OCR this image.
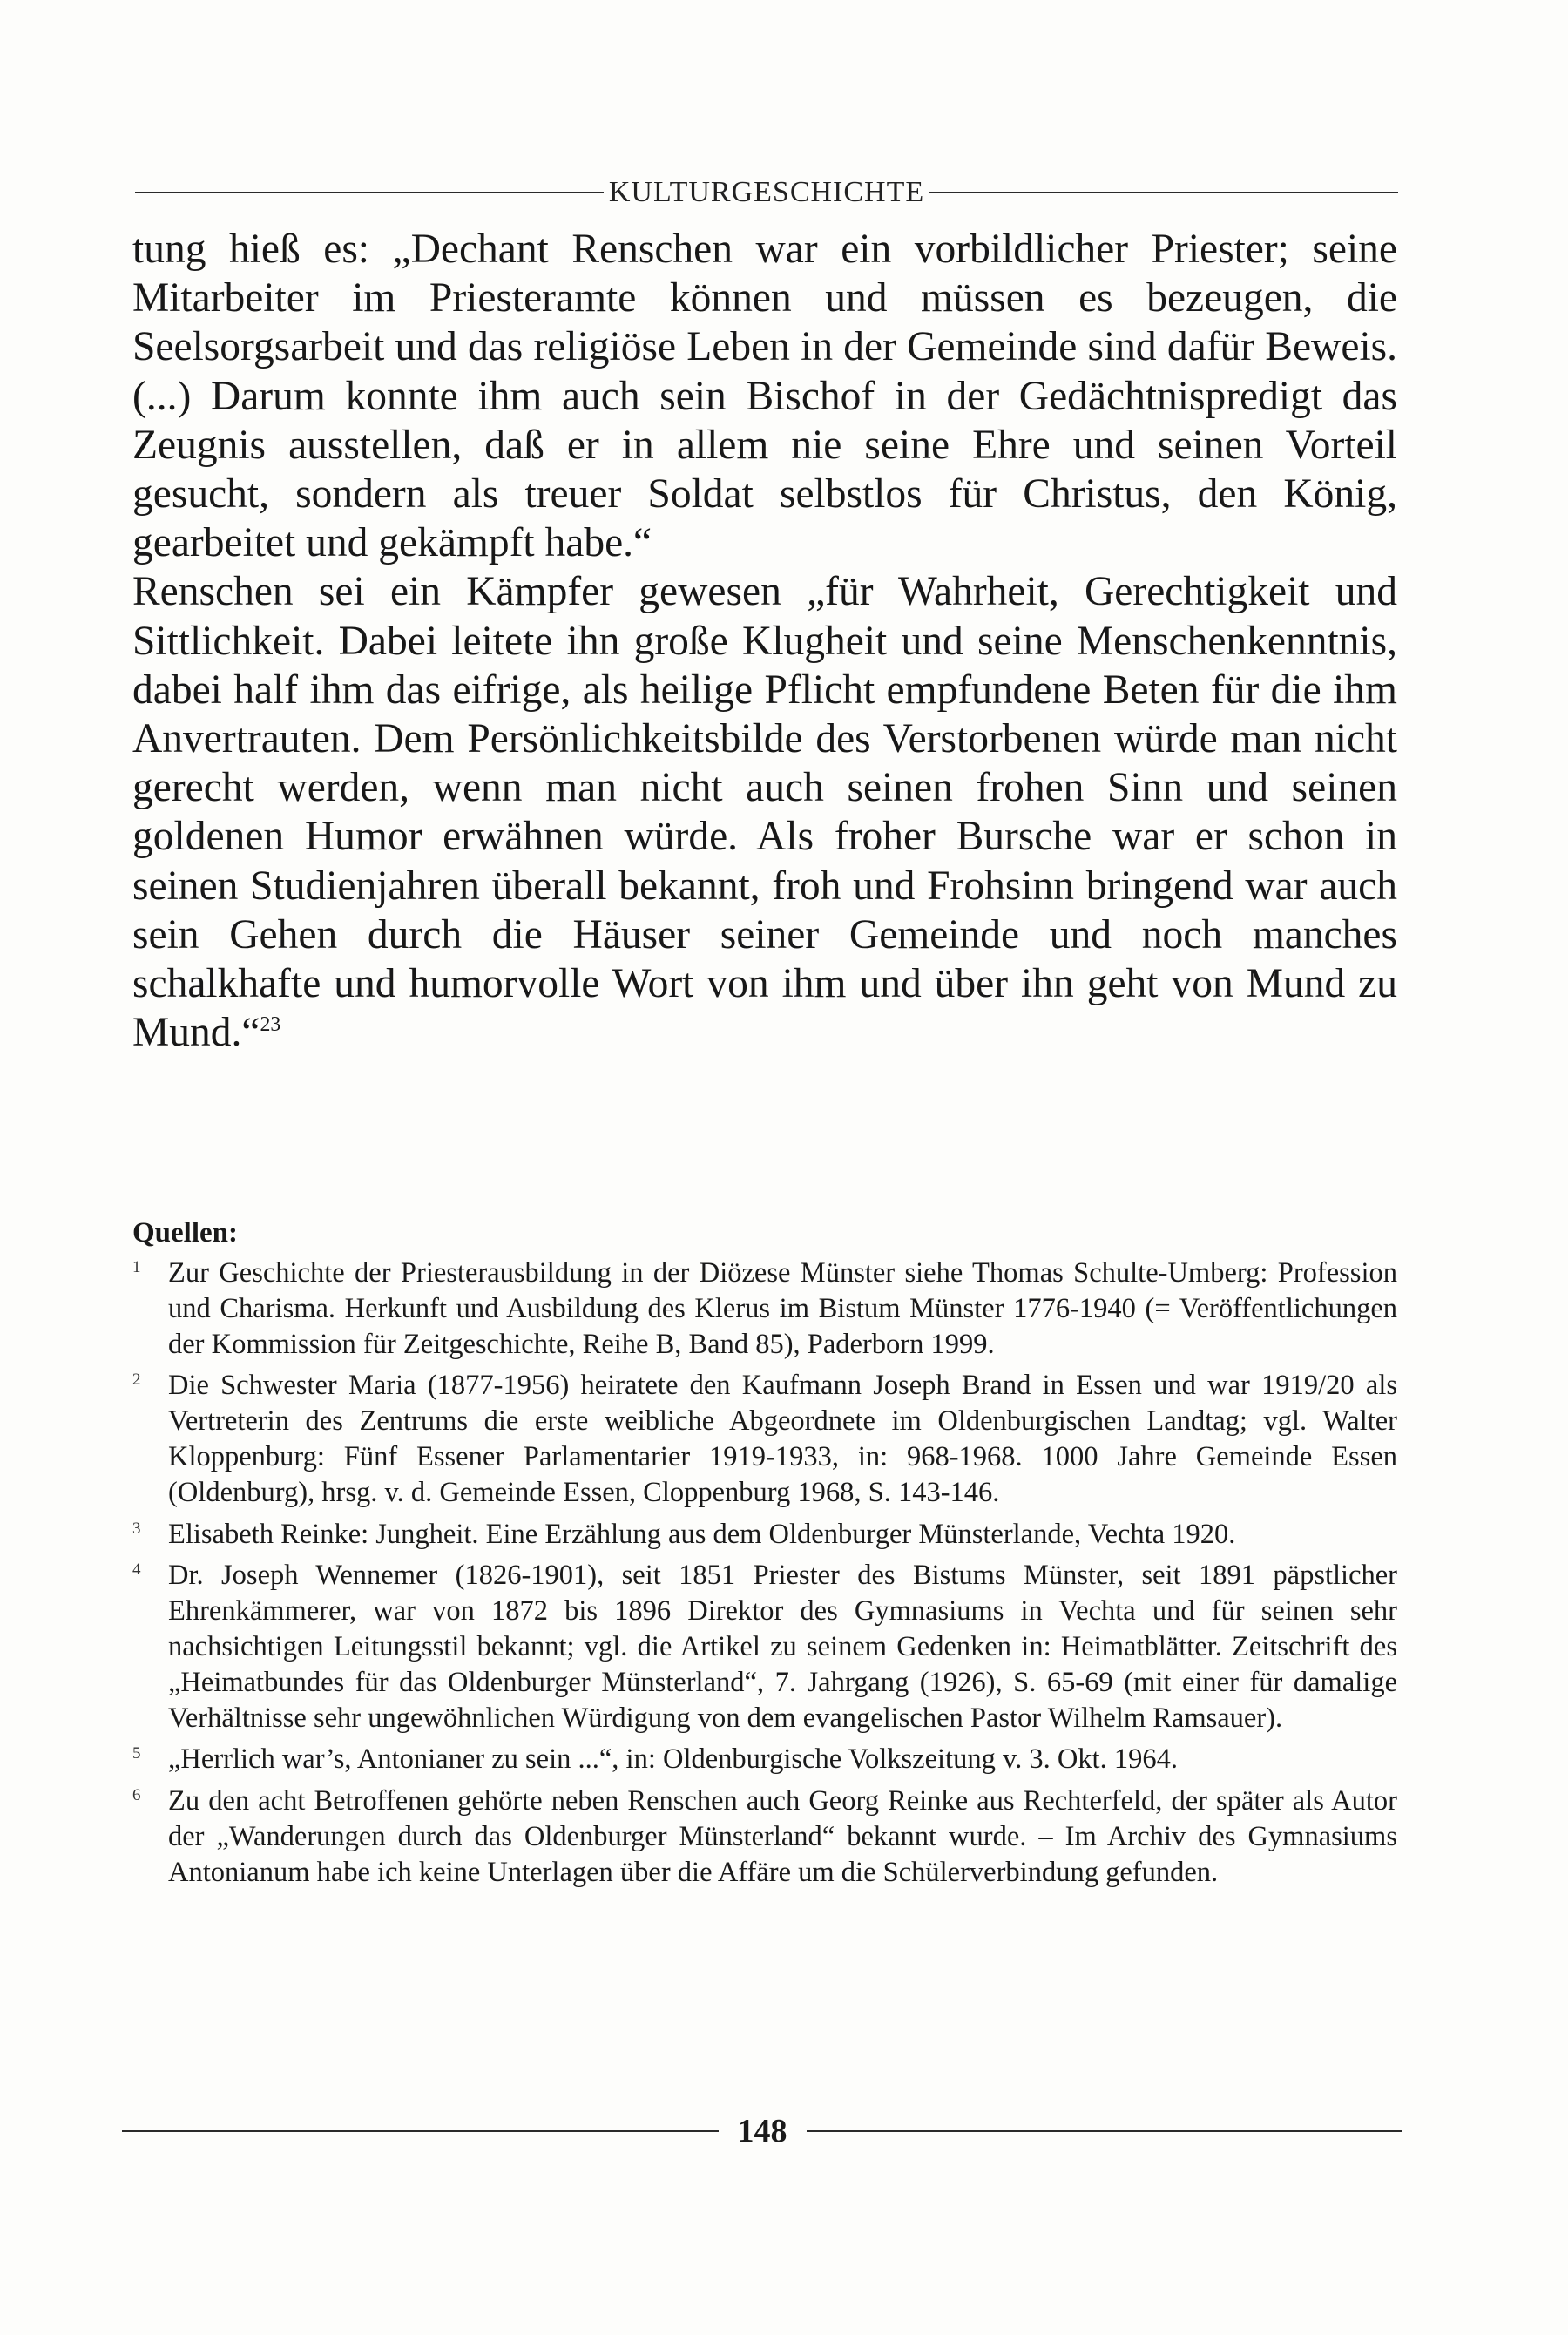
KULTURGESCHICHTE

tung hieß es: „Dechant Renschen war ein vorbildlicher Priester; seine Mitarbeiter im Priesteramte können und müssen es bezeugen, die Seelsorgsarbeit und das religiöse Leben in der Gemeinde sind dafür Beweis. (...) Darum konnte ihm auch sein Bischof in der Gedächtnispredigt das Zeugnis ausstellen, daß er in allem nie seine Ehre und seinen Vorteil gesucht, sondern als treuer Soldat selbstlos für Christus, den König, gearbeitet und gekämpft habe.“

Renschen sei ein Kämpfer gewesen „für Wahrheit, Gerechtigkeit und Sittlichkeit. Dabei leitete ihn große Klugheit und seine Menschenkenntnis, dabei half ihm das eifrige, als heilige Pflicht empfundene Beten für die ihm Anvertrauten. Dem Persönlichkeitsbilde des Verstorbenen würde man nicht gerecht werden, wenn man nicht auch seinen frohen Sinn und seinen goldenen Humor erwähnen würde. Als froher Bursche war er schon in seinen Studienjahren überall bekannt, froh und Frohsinn bringend war auch sein Gehen durch die Häuser seiner Gemeinde und noch manches schalkhafte und humorvolle Wort von ihm und über ihn geht von Mund zu Mund.“$^{23}$

Quellen:
1 Zur Geschichte der Priesterausbildung in der Diözese Münster siehe Thomas Schulte-Umberg: Profession und Charisma. Herkunft und Ausbildung des Klerus im Bistum Münster 1776-1940 (= Veröffentlichungen der Kommission für Zeitgeschichte, Reihe B, Band 85), Paderborn 1999.
2 Die Schwester Maria (1877-1956) heiratete den Kaufmann Joseph Brand in Essen und war 1919/20 als Vertreterin des Zentrums die erste weibliche Abgeordnete im Oldenburgischen Landtag; vgl. Walter Kloppenburg: Fünf Essener Parlamentarier 1919-1933, in: 968-1968. 1000 Jahre Gemeinde Essen (Oldenburg), hrsg. v. d. Gemeinde Essen, Cloppenburg 1968, S. 143-146.
3 Elisabeth Reinke: Jungheit. Eine Erzählung aus dem Oldenburger Münsterlande, Vechta 1920.
4 Dr. Joseph Wennemer (1826-1901), seit 1851 Priester des Bistums Münster, seit 1891 päpstlicher Ehrenkämmerer, war von 1872 bis 1896 Direktor des Gymnasiums in Vechta und für seinen sehr nachsichtigen Leitungsstil bekannt; vgl. die Artikel zu seinem Gedenken in: Heimatblätter. Zeitschrift des „Heimatbundes für das Oldenburger Münsterland“, 7. Jahrgang (1926), S. 65-69 (mit einer für damalige Verhältnisse sehr ungewöhnlichen Würdigung von dem evangelischen Pastor Wilhelm Ramsauer).
5 „Herrlich war’s, Antonianer zu sein ...“, in: Oldenburgische Volkszeitung v. 3. Okt. 1964.
6 Zu den acht Betroffenen gehörte neben Renschen auch Georg Reinke aus Rechterfeld, der später als Autor der „Wanderungen durch das Oldenburger Münsterland“ bekannt wurde. – Im Archiv des Gymnasiums Antonianum habe ich keine Unterlagen über die Affäre um die Schülerverbindung gefunden.
148
